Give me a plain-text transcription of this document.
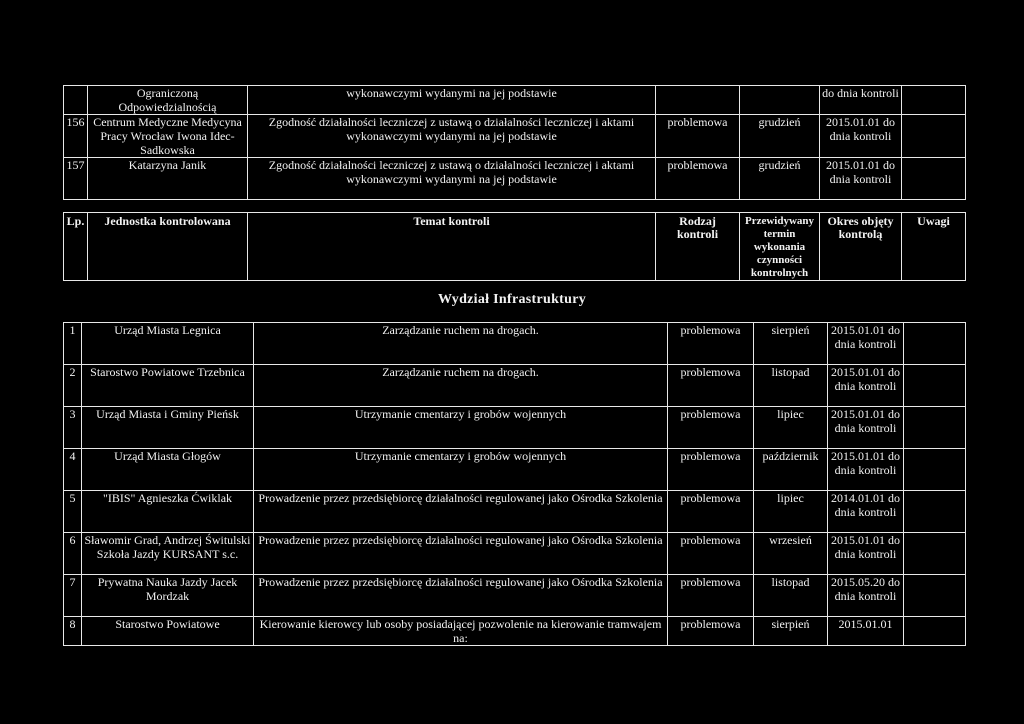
	Ograniczoną Odpowiedzialnością	wykonawczymi wydanymi na jej podstawie			do dnia kontroli	
156	Centrum Medyczne Medycyna Pracy Wrocław Iwona Idec-Sadkowska	Zgodność działalności leczniczej z ustawą o działalności leczniczej i aktami wykonawczymi wydanymi na jej podstawie	problemowa	grudzień	2015.01.01 do dnia kontroli	
157	Katarzyna Janik	Zgodność działalności leczniczej z ustawą o działalności leczniczej i aktami wykonawczymi wydanymi na jej podstawie	problemowa	grudzień	2015.01.01 do dnia kontroli	
Lp.	Jednostka kontrolowana	Temat kontroli	Rodzaj kontroli	Przewidywany termin wykonania czynności kontrolnych	Okres objęty kontrolą	Uwagi
Wydział Infrastruktury
1	Urząd Miasta Legnica	Zarządzanie ruchem na drogach.	problemowa	sierpień	2015.01.01 do dnia kontroli	
2	Starostwo Powiatowe Trzebnica	Zarządzanie ruchem na drogach.	problemowa	listopad	2015.01.01 do dnia kontroli	
3	Urząd Miasta i Gminy Pieńsk	Utrzymanie cmentarzy i grobów wojennych	problemowa	lipiec	2015.01.01 do dnia kontroli	
4	Urząd Miasta Głogów	Utrzymanie cmentarzy i grobów wojennych	problemowa	październik	2015.01.01 do dnia kontroli	
5	"IBIS" Agnieszka Ćwiklak	Prowadzenie przez przedsiębiorcę działalności regulowanej jako Ośrodka Szkolenia	problemowa	lipiec	2014.01.01 do dnia kontroli	
6	Sławomir Grad, Andrzej Świtulski Szkoła Jazdy KURSANT s.c.	Prowadzenie przez przedsiębiorcę działalności regulowanej jako Ośrodka Szkolenia	problemowa	wrzesień	2015.01.01 do dnia kontroli	
7	Prywatna Nauka Jazdy Jacek Mordzak	Prowadzenie przez przedsiębiorcę działalności regulowanej jako Ośrodka Szkolenia	problemowa	listopad	2015.05.20 do dnia kontroli	
8	Starostwo Powiatowe	Kierowanie kierowcy lub osoby posiadającej pozwolenie na kierowanie tramwajem na:	problemowa	sierpień	2015.01.01	
